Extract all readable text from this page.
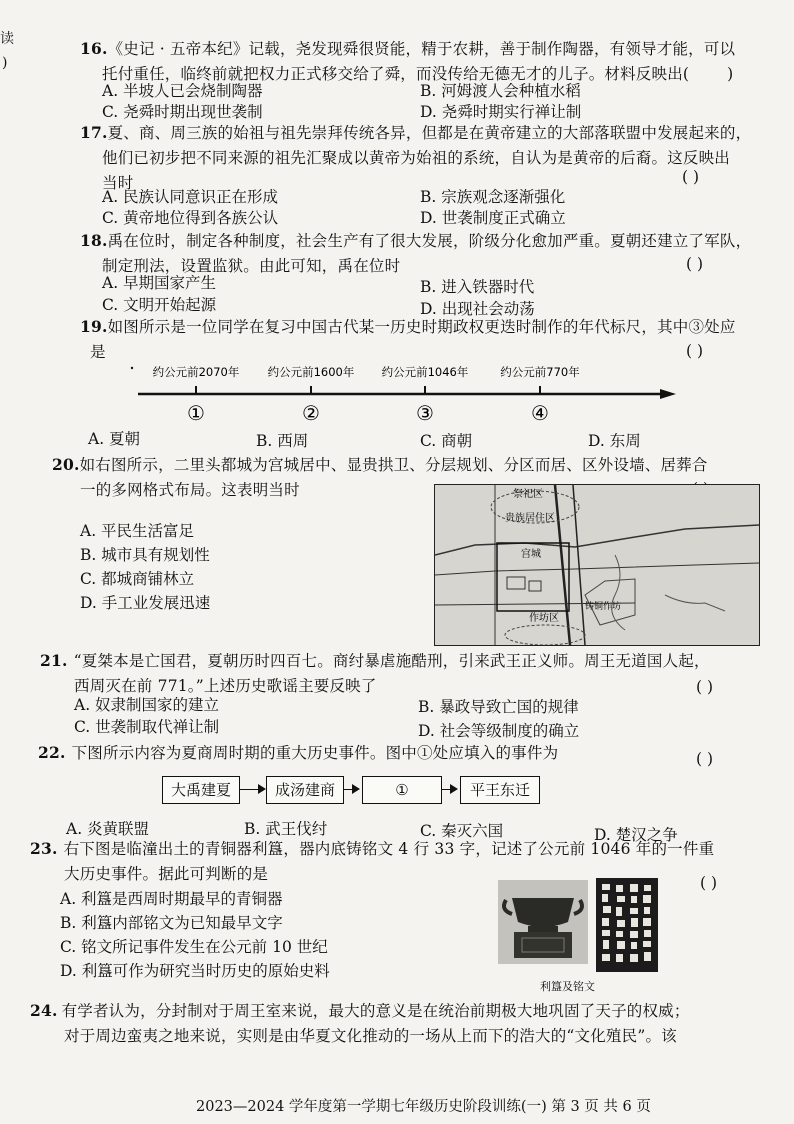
读
)
16.《史记 · 五帝本纪》记载，尧发现舜很贤能，精于农耕，善于制作陶器，有领导才能，可以
托付重任，临终前就把权力正式移交给了舜，而没传给无德无才的儿子。材料反映出( )
A. 半坡人已会烧制陶器	B. 河姆渡人会种植水稻
C. 尧舜时期出现世袭制	D. 尧舜时期实行禅让制
17.夏、商、周三族的始祖与祖先崇拜传统各异，但都是在黄帝建立的大部落联盟中发展起来的，
他们已初步把不同来源的祖先汇聚成以黄帝为始祖的系统，自认为是黄帝的后裔。这反映出
当时	( )
A. 民族认同意识正在形成	B. 宗族观念逐渐强化
C. 黄帝地位得到各族公认	D. 世袭制度正式确立
18.禹在位时，制定各种制度，社会生产有了很大发展，阶级分化愈加严重。夏朝还建立了军队，
制定刑法，设置监狱。由此可知，禹在位时	( )
A. 早期国家产生	B. 进入铁器时代
C. 文明开始起源	D. 出现社会动荡
19.如图所示是一位同学在复习中国古代某一历史时期政权更迭时制作的年代标尺，其中③处应
是	( )
约公元前2070年 约公元前1600年 约公元前1046年	约公元前770年
①	②	③	④
A. 夏朝	B. 西周	C. 商朝	D. 东周
20.如右图所示，二里头都城为宫城居中、显贵拱卫、分层规划、分区而居、区外设墙、居葬合
一的多网格式布局。这表明当时	祭祀区
贵族居住区
宫城
作坊区
铸铜作坊
A. 平民生活富足
B. 城市具有规划性
C. 都城商铺林立
D. 手工业发展迅速
21. “夏桀本是亡国君，夏朝历时四百七。商纣暴虐施酷刑，引来武王正义师。周王无道国人起，
西周灭在前 771。”上述历史歌谣主要反映了	( )
A. 奴隶制国家的建立	B. 暴政导致亡国的规律
C. 世袭制取代禅让制	D. 社会等级制度的确立
22. 下图所示内容为夏商周时期的重大历史事件。图中①处应填入的事件为	( )
大禹建夏	成汤建商	①	平王东迁
A. 炎黄联盟	B. 武王伐纣	C. 秦灭六国	D. 楚汉之争
23. 右下图是临潼出土的青铜器利簋，器内底铸铭文 4 行 33 字，记述了公元前 1046 年的一件重
大历史事件。据此可判断的是	( )
A. 利簋是西周时期最早的青铜器
B. 利簋内部铭文为已知最早文字
C. 铭文所记事件发生在公元前 10 世纪
D. 利簋可作为研究当时历史的原始史料
利簋及铭文
24. 有学者认为，分封制对于周王室来说，最大的意义是在统治前期极大地巩固了天子的权威；
对于周边蛮夷之地来说，实则是由华夏文化推动的一场从上而下的浩大的“文化殖民”。该
2023—2024 学年度第一学期七年级历史阶段训练(一) 第 3 页 共 6 页
